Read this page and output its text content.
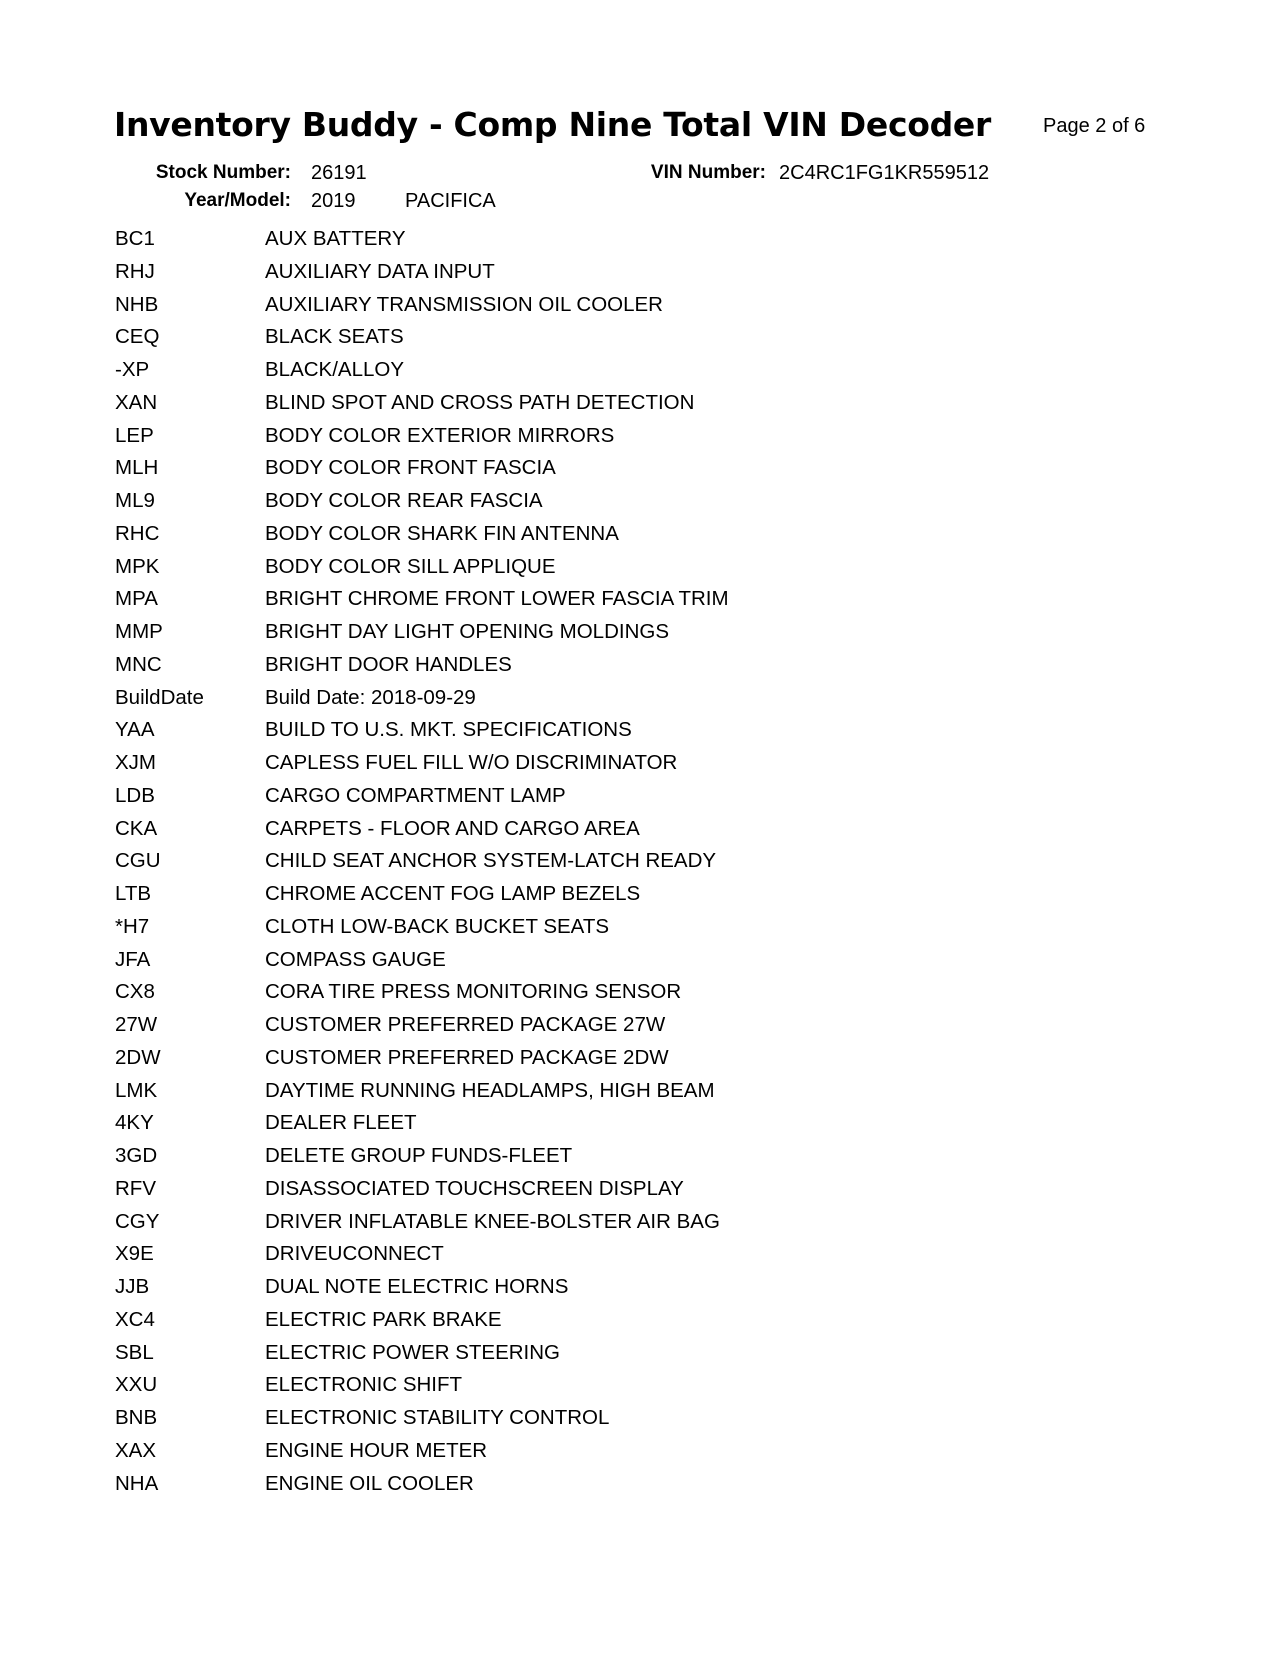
Inventory Buddy - Comp Nine Total VIN Decoder	Page 2 of 6
Stock Number: 26191	VIN Number: 2C4RC1FG1KR559512
Year/Model: 2019 PACIFICA
BC1	AUX BATTERY
RHJ	AUXILIARY DATA INPUT
NHB	AUXILIARY TRANSMISSION OIL COOLER
CEQ	BLACK SEATS
-XP	BLACK/ALLOY
XAN	BLIND SPOT AND CROSS PATH DETECTION
LEP	BODY COLOR EXTERIOR MIRRORS
MLH	BODY COLOR FRONT FASCIA
ML9	BODY COLOR REAR FASCIA
RHC	BODY COLOR SHARK FIN ANTENNA
MPK	BODY COLOR SILL APPLIQUE
MPA	BRIGHT CHROME FRONT LOWER FASCIA TRIM
MMP	BRIGHT DAY LIGHT OPENING MOLDINGS
MNC	BRIGHT DOOR HANDLES
BuildDate	Build Date: 2018-09-29
YAA	BUILD TO U.S. MKT. SPECIFICATIONS
XJM	CAPLESS FUEL FILL W/O DISCRIMINATOR
LDB	CARGO COMPARTMENT LAMP
CKA	CARPETS - FLOOR AND CARGO AREA
CGU	CHILD SEAT ANCHOR SYSTEM-LATCH READY
LTB	CHROME ACCENT FOG LAMP BEZELS
*H7	CLOTH LOW-BACK BUCKET SEATS
JFA	COMPASS GAUGE
CX8	CORA TIRE PRESS MONITORING SENSOR
27W	CUSTOMER PREFERRED PACKAGE 27W
2DW	CUSTOMER PREFERRED PACKAGE 2DW
LMK	DAYTIME RUNNING HEADLAMPS, HIGH BEAM
4KY	DEALER FLEET
3GD	DELETE GROUP FUNDS-FLEET
RFV	DISASSOCIATED TOUCHSCREEN DISPLAY
CGY	DRIVER INFLATABLE KNEE-BOLSTER AIR BAG
X9E	DRIVEUCONNECT
JJB	DUAL NOTE ELECTRIC HORNS
XC4	ELECTRIC PARK BRAKE
SBL	ELECTRIC POWER STEERING
XXU	ELECTRONIC SHIFT
BNB	ELECTRONIC STABILITY CONTROL
XAX	ENGINE HOUR METER
NHA	ENGINE OIL COOLER
